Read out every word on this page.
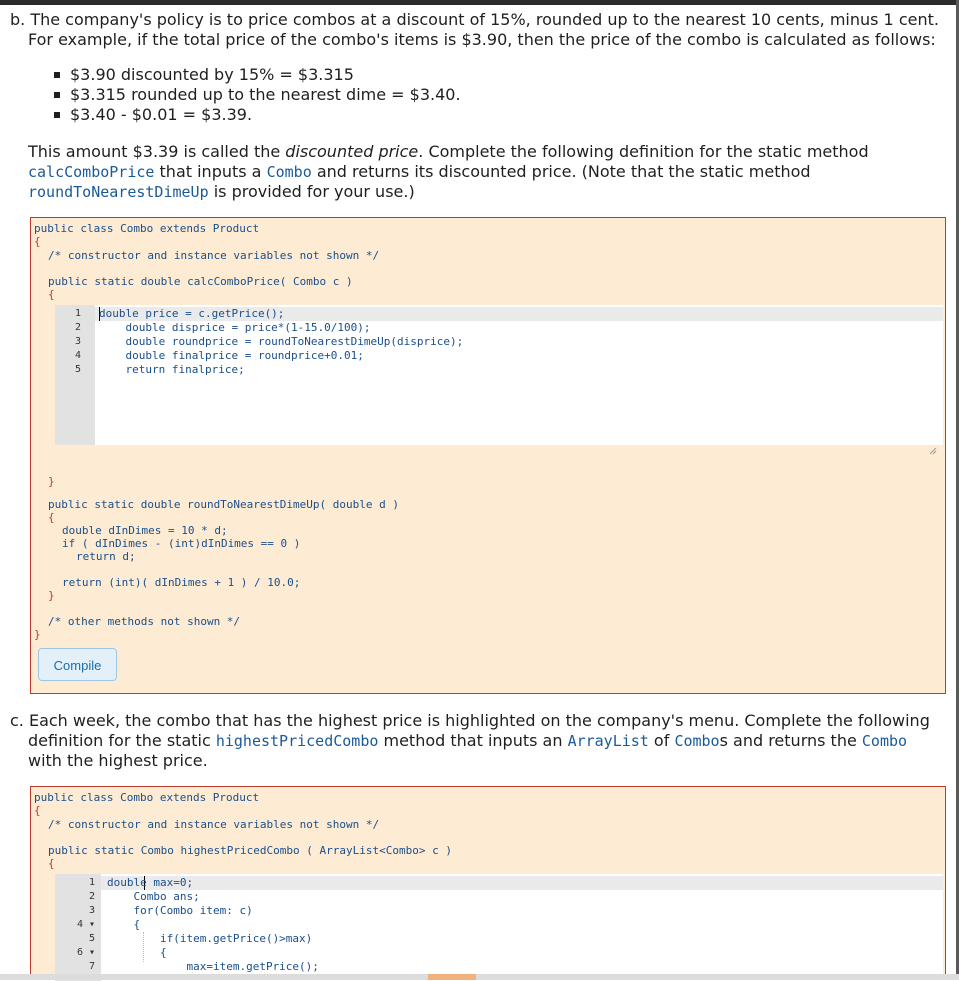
b. The company's policy is to price combos at a discount of 15%, rounded up to the nearest 10 cents, minus 1 cent.

For example, if the total price of the combo's items is $3.90, then the price of the combo is calculated as follows:

$3.90 discounted by 15% = $3.315
$3.315 rounded up to the nearest dime = $3.40.
$3.40 - $0.01 = $3.39.

This amount $3.39 is called the discounted price. Complete the following definition for the static method

calcComboPrice that inputs a Combo and returns its discounted price. (Note that the static method

roundToNearestDimeUp is provided for your use.)

public class Combo extends Product
{
/* constructor and instance variables not shown */
public static double calcComboPrice( Combo c )
{
1
2
3
4
5
double price = c.getPrice();
double disprice = price*(1-15.0/100);
double roundprice = roundToNearestDimeUp(disprice);
double finalprice = roundprice+0.01;
return finalprice;
}
public static double roundToNearestDimeUp( double d )
{
double dInDimes = 10 * d;
if ( dInDimes - (int)dInDimes == 0 )
return d;
return (int)( dInDimes + 1 ) / 10.0;
}
/* other methods not shown */
}
Compile

c. Each week, the combo that has the highest price is highlighted on the company's menu. Complete the following

definition for the static highestPricedCombo method that inputs an ArrayList of Combos and returns the Combo

with the highest price.

public class Combo extends Product
{
/* constructor and instance variables not shown */
public static Combo highestPricedCombo ( ArrayList<Combo> c )
{
1
2
3
4 ▾
5
6 ▾
7
double max=0;
Combo ans;
for(Combo item: c)
{
if(item.getPrice()>max)
{
max=item.getPrice();
